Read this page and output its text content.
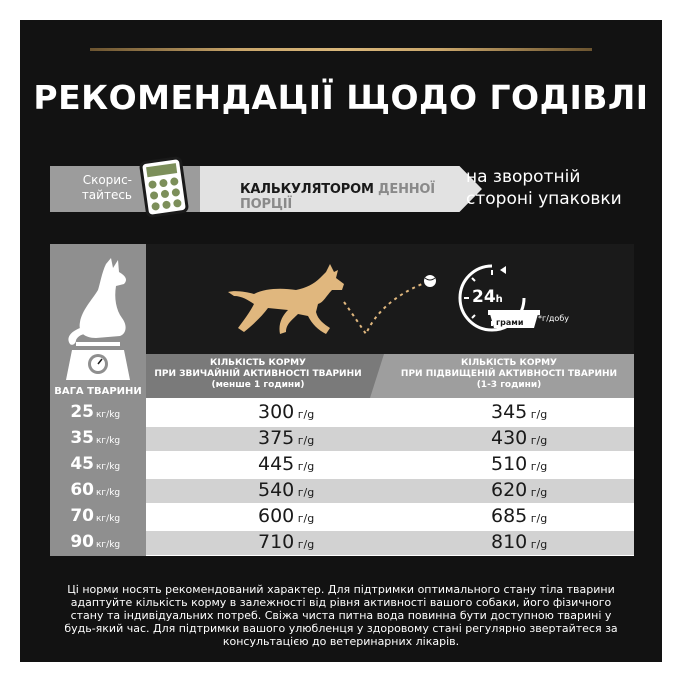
РЕКОМЕНДАЦІЇ ЩОДО ГОДІВЛІ
Скорис-
тайтесь	КАЛЬКУЛЯТОРОМ ДЕННОЇ ПОРЦІЇ
на зворотній
стороні упаковки
ВАГА ТВАРИНИ
24h
грами *г/добу
КІЛЬКІСТЬ КОРМУ
ПРИ ЗВИЧАЙНІЙ АКТИВНОСТІ ТВАРИНИ
(менше 1 години)
КІЛЬКІСТЬ КОРМУ
ПРИ ПІДВИЩЕНІЙ АКТИВНОСТІ ТВАРИНИ
(1-3 години)
25 кг/kg	300 г/g	345 г/g
35 кг/kg	375 г/g	430 г/g
45 кг/kg	445 г/g	510 г/g
60 кг/kg	540 г/g	620 г/g
70 кг/kg	600 г/g	685 г/g
90 кг/kg	710 г/g	810 г/g
Ці норми носять рекомендований характер. Для підтримки оптимального стану тіла тварини адаптуйте кількість корму в залежності від рівня активності вашого собаки, його фізичного стану та індивідуальних потреб. Свіжа чиста питна вода повинна бути доступною тварині у будь-який час. Для підтримки вашого улюбленця у здоровому стані регулярно звертайтеся за консультацією до ветеринарних лікарів.
